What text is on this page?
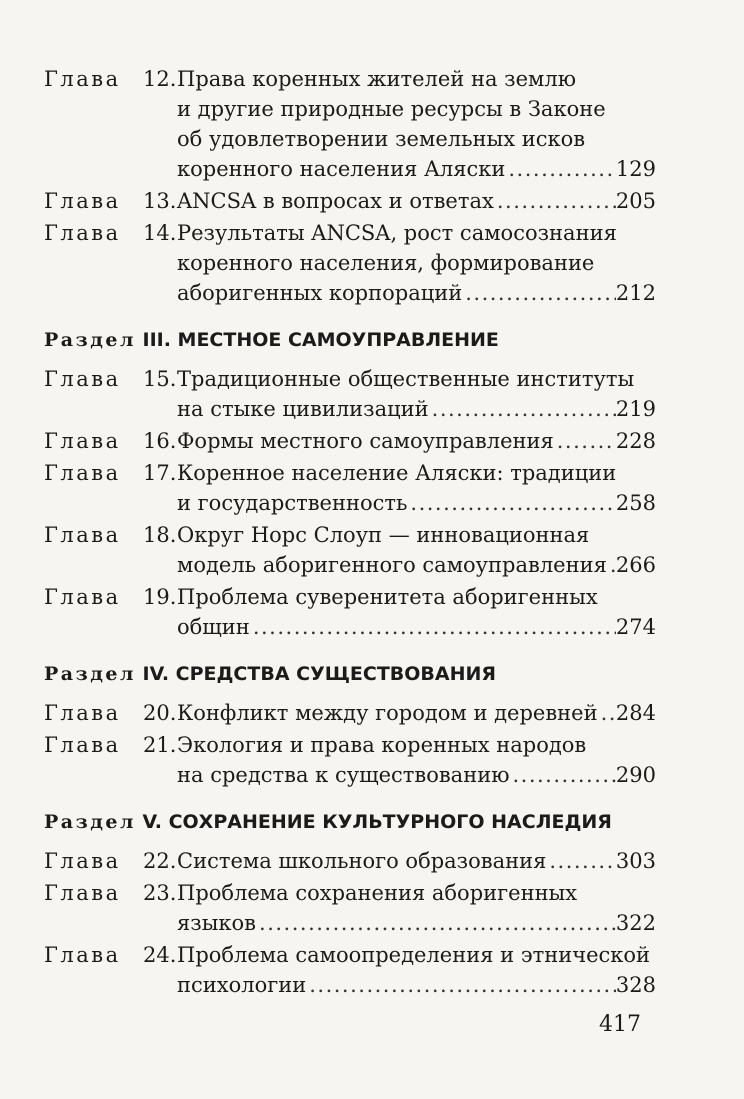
Глава	12. Права коренных жителей на землю
и другие природные ресурсы в Законе
об удовлетворении земельных исков
коренного населения Аляски .....	129
Глава	13. ANCSA в вопросах и ответах .....	205
Глава	14. Результаты ANCSA, рост самосознания
коренного населения, формирование
аборигенных корпораций .....	212
Раздел III. МЕСТНОЕ САМОУПРАВЛЕНИЕ
Глава	15. Традиционные общественные институты
на стыке цивилизаций .....	219
Глава	16. Формы местного самоуправления .....	228
Глава	17. Коренное население Аляски: традиции
и государственность .....	258
Глава	18. Округ Норс Слоуп — инновационная
модель аборигенного самоуправления ..... 266
Глава	19. Проблема суверенитета аборигенных
общин .....	274
Раздел IV. СРЕДСТВА СУЩЕСТВОВАНИЯ
Глава	20. Конфликт между городом и деревней ..... 284
Глава	21. Экология и права коренных народов
на средства к существованию .....	290
Раздел V. СОХРАНЕНИЕ КУЛЬТУРНОГО НАСЛЕДИЯ
Глава	22. Система школьного образования .....	303
Глава	23. Проблема сохранения аборигенных
языков .....	322
Глава	24. Проблема самоопределения и этнической
психологии .....	328
417
